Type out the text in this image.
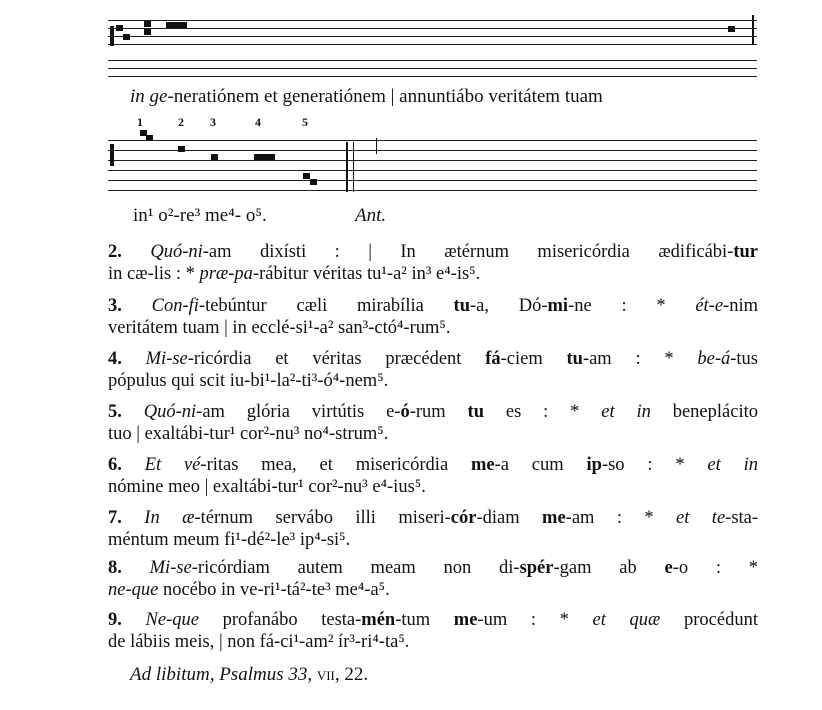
in ge-neratiónem et generatiónem | annuntiábo veritátem tuam
1	2 3	4	5
in¹ o²-re³ me⁴- o⁵.	Ant.
2. Quó-ni-am dixísti : | In ætérnum misericórdia ædificábi-tur
in cæ-lis : * præ-pa-rábitur véritas tu¹-a² in³ e⁴-is⁵.
3. Con-fi-tebúntur cæli mirabília tu-a, Dó-mi-ne : * ét-e-nim
veritátem tuam | in ecclé-si¹-a² san³-ctó⁴-rum⁵.
4. Mi-se-ricórdia et véritas præcédent fá-ciem tu-am : * be-á-tus
pópulus qui scit iu-bi¹-la²-ti³-ó⁴-nem⁵.
5. Quó-ni-am glória virtútis e-ó-rum tu es : * et in beneplácito
tuo | exaltábi-tur¹ cor²-nu³ no⁴-strum⁵.
6. Et vé-ritas mea, et misericórdia me-a cum ip-so : * et in
nómine meo | exaltábi-tur¹ cor²-nu³ e⁴-ius⁵.
7. In æ-térnum servábo illi miseri-cór-diam me-am : * et te-sta-
méntum meum fi¹-dé²-le³ ip⁴-si⁵.
8. Mi-se-ricórdiam autem meam non di-spér-gam ab e-o : *
ne-que nocébo in ve-ri¹-tá²-te³ me⁴-a⁵.
9. Ne-que profanábo testa-mén-tum me-um : * et quæ procédunt
de lábiis meis, | non fá-ci¹-am² ír³-ri⁴-ta⁵.
Ad libitum, Psalmus 33, vii, 22.
